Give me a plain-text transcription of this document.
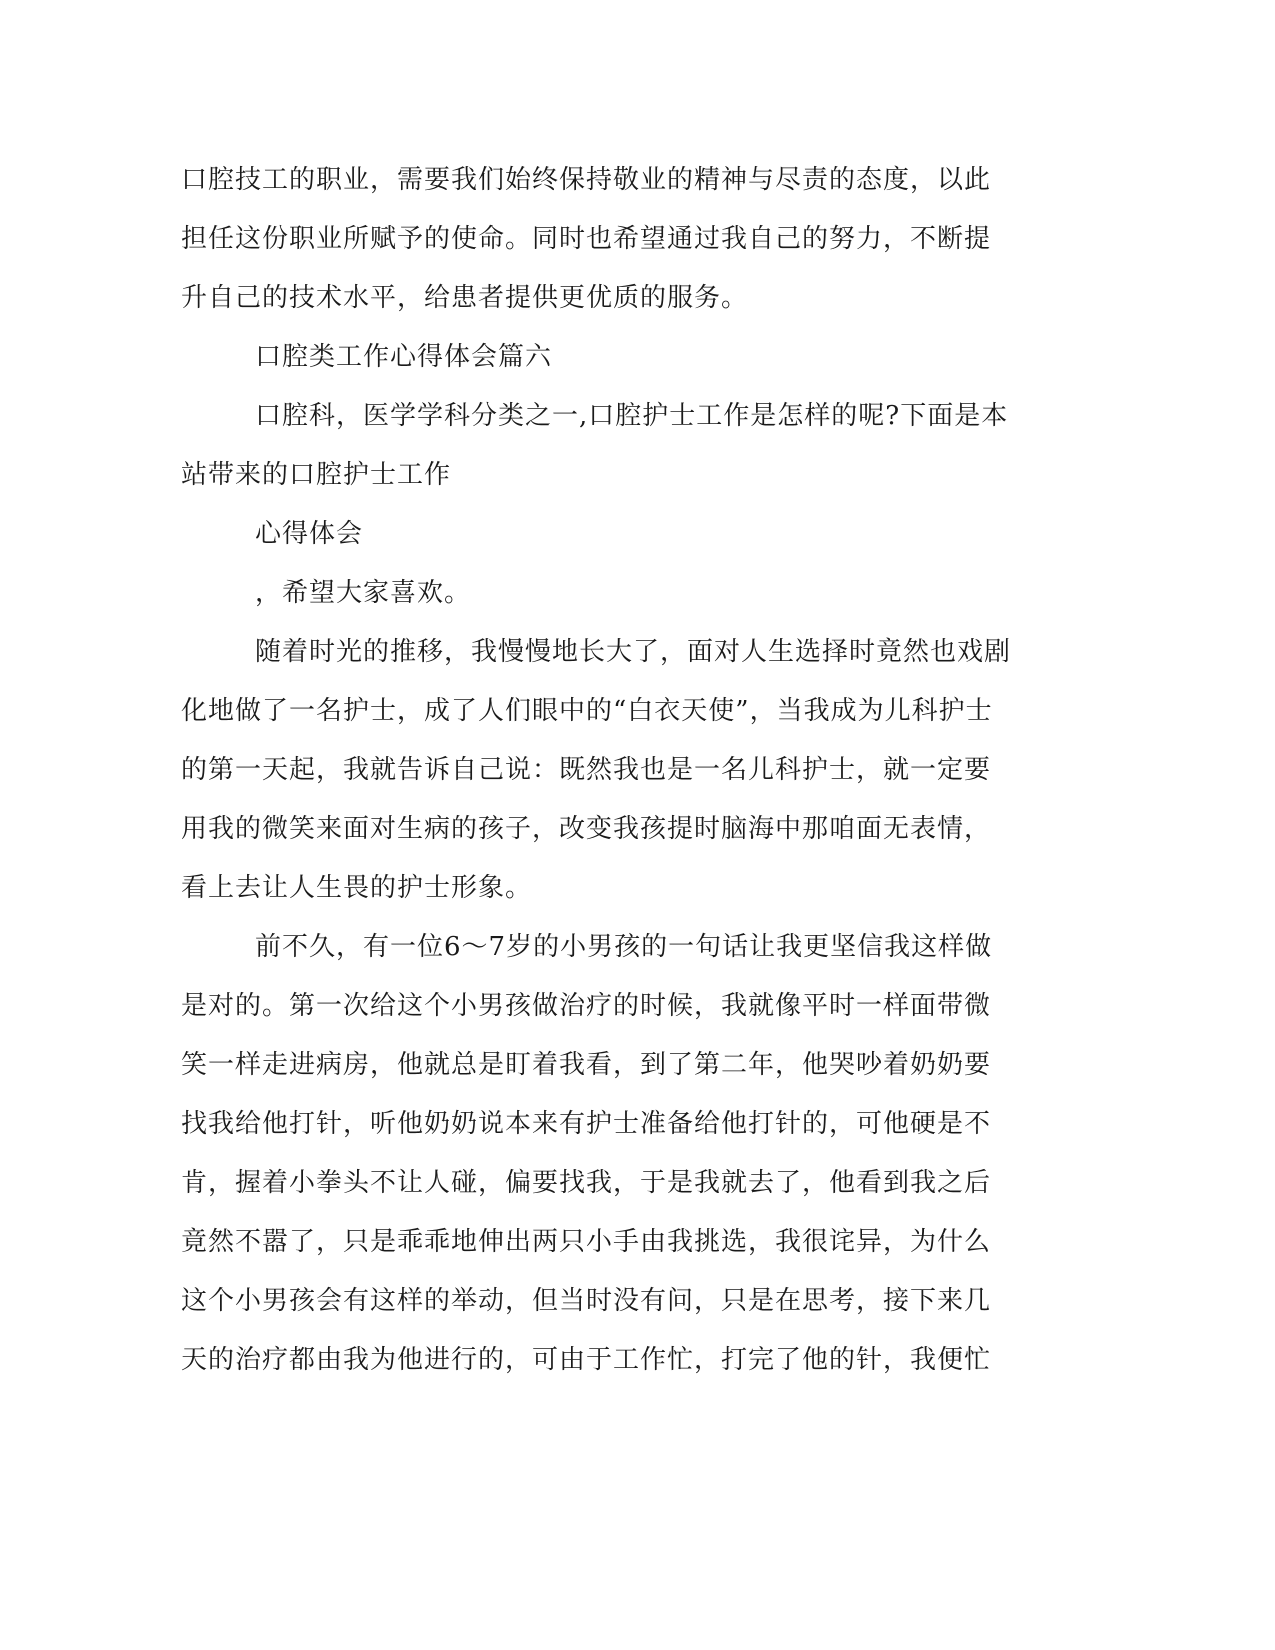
口腔技工的职业，需要我们始终保持敬业的精神与尽责的态度，以此
担任这份职业所赋予的使命。同时也希望通过我自己的努力，不断提
升自己的技术水平，给患者提供更优质的服务。
口腔类工作心得体会篇六
口腔科，医学学科分类之一,口腔护士工作是怎样的呢?下面是本
站带来的口腔护士工作
心得体会
，希望大家喜欢。
随着时光的推移，我慢慢地长大了，面对人生选择时竟然也戏剧
化地做了一名护士，成了人们眼中的“白衣天使”，当我成为儿科护士
的第一天起，我就告诉自己说：既然我也是一名儿科护士，就一定要
用我的微笑来面对生病的孩子，改变我孩提时脑海中那咱面无表情，
看上去让人生畏的护士形象。
前不久，有一位6～7岁的小男孩的一句话让我更坚信我这样做
是对的。第一次给这个小男孩做治疗的时候，我就像平时一样面带微
笑一样走进病房，他就总是盯着我看，到了第二年，他哭吵着奶奶要
找我给他打针，听他奶奶说本来有护士准备给他打针的，可他硬是不
肯，握着小拳头不让人碰，偏要找我，于是我就去了，他看到我之后
竟然不嚣了，只是乖乖地伸出两只小手由我挑选，我很诧异，为什么
这个小男孩会有这样的举动，但当时没有问，只是在思考，接下来几
天的治疗都由我为他进行的，可由于工作忙，打完了他的针，我便忙
